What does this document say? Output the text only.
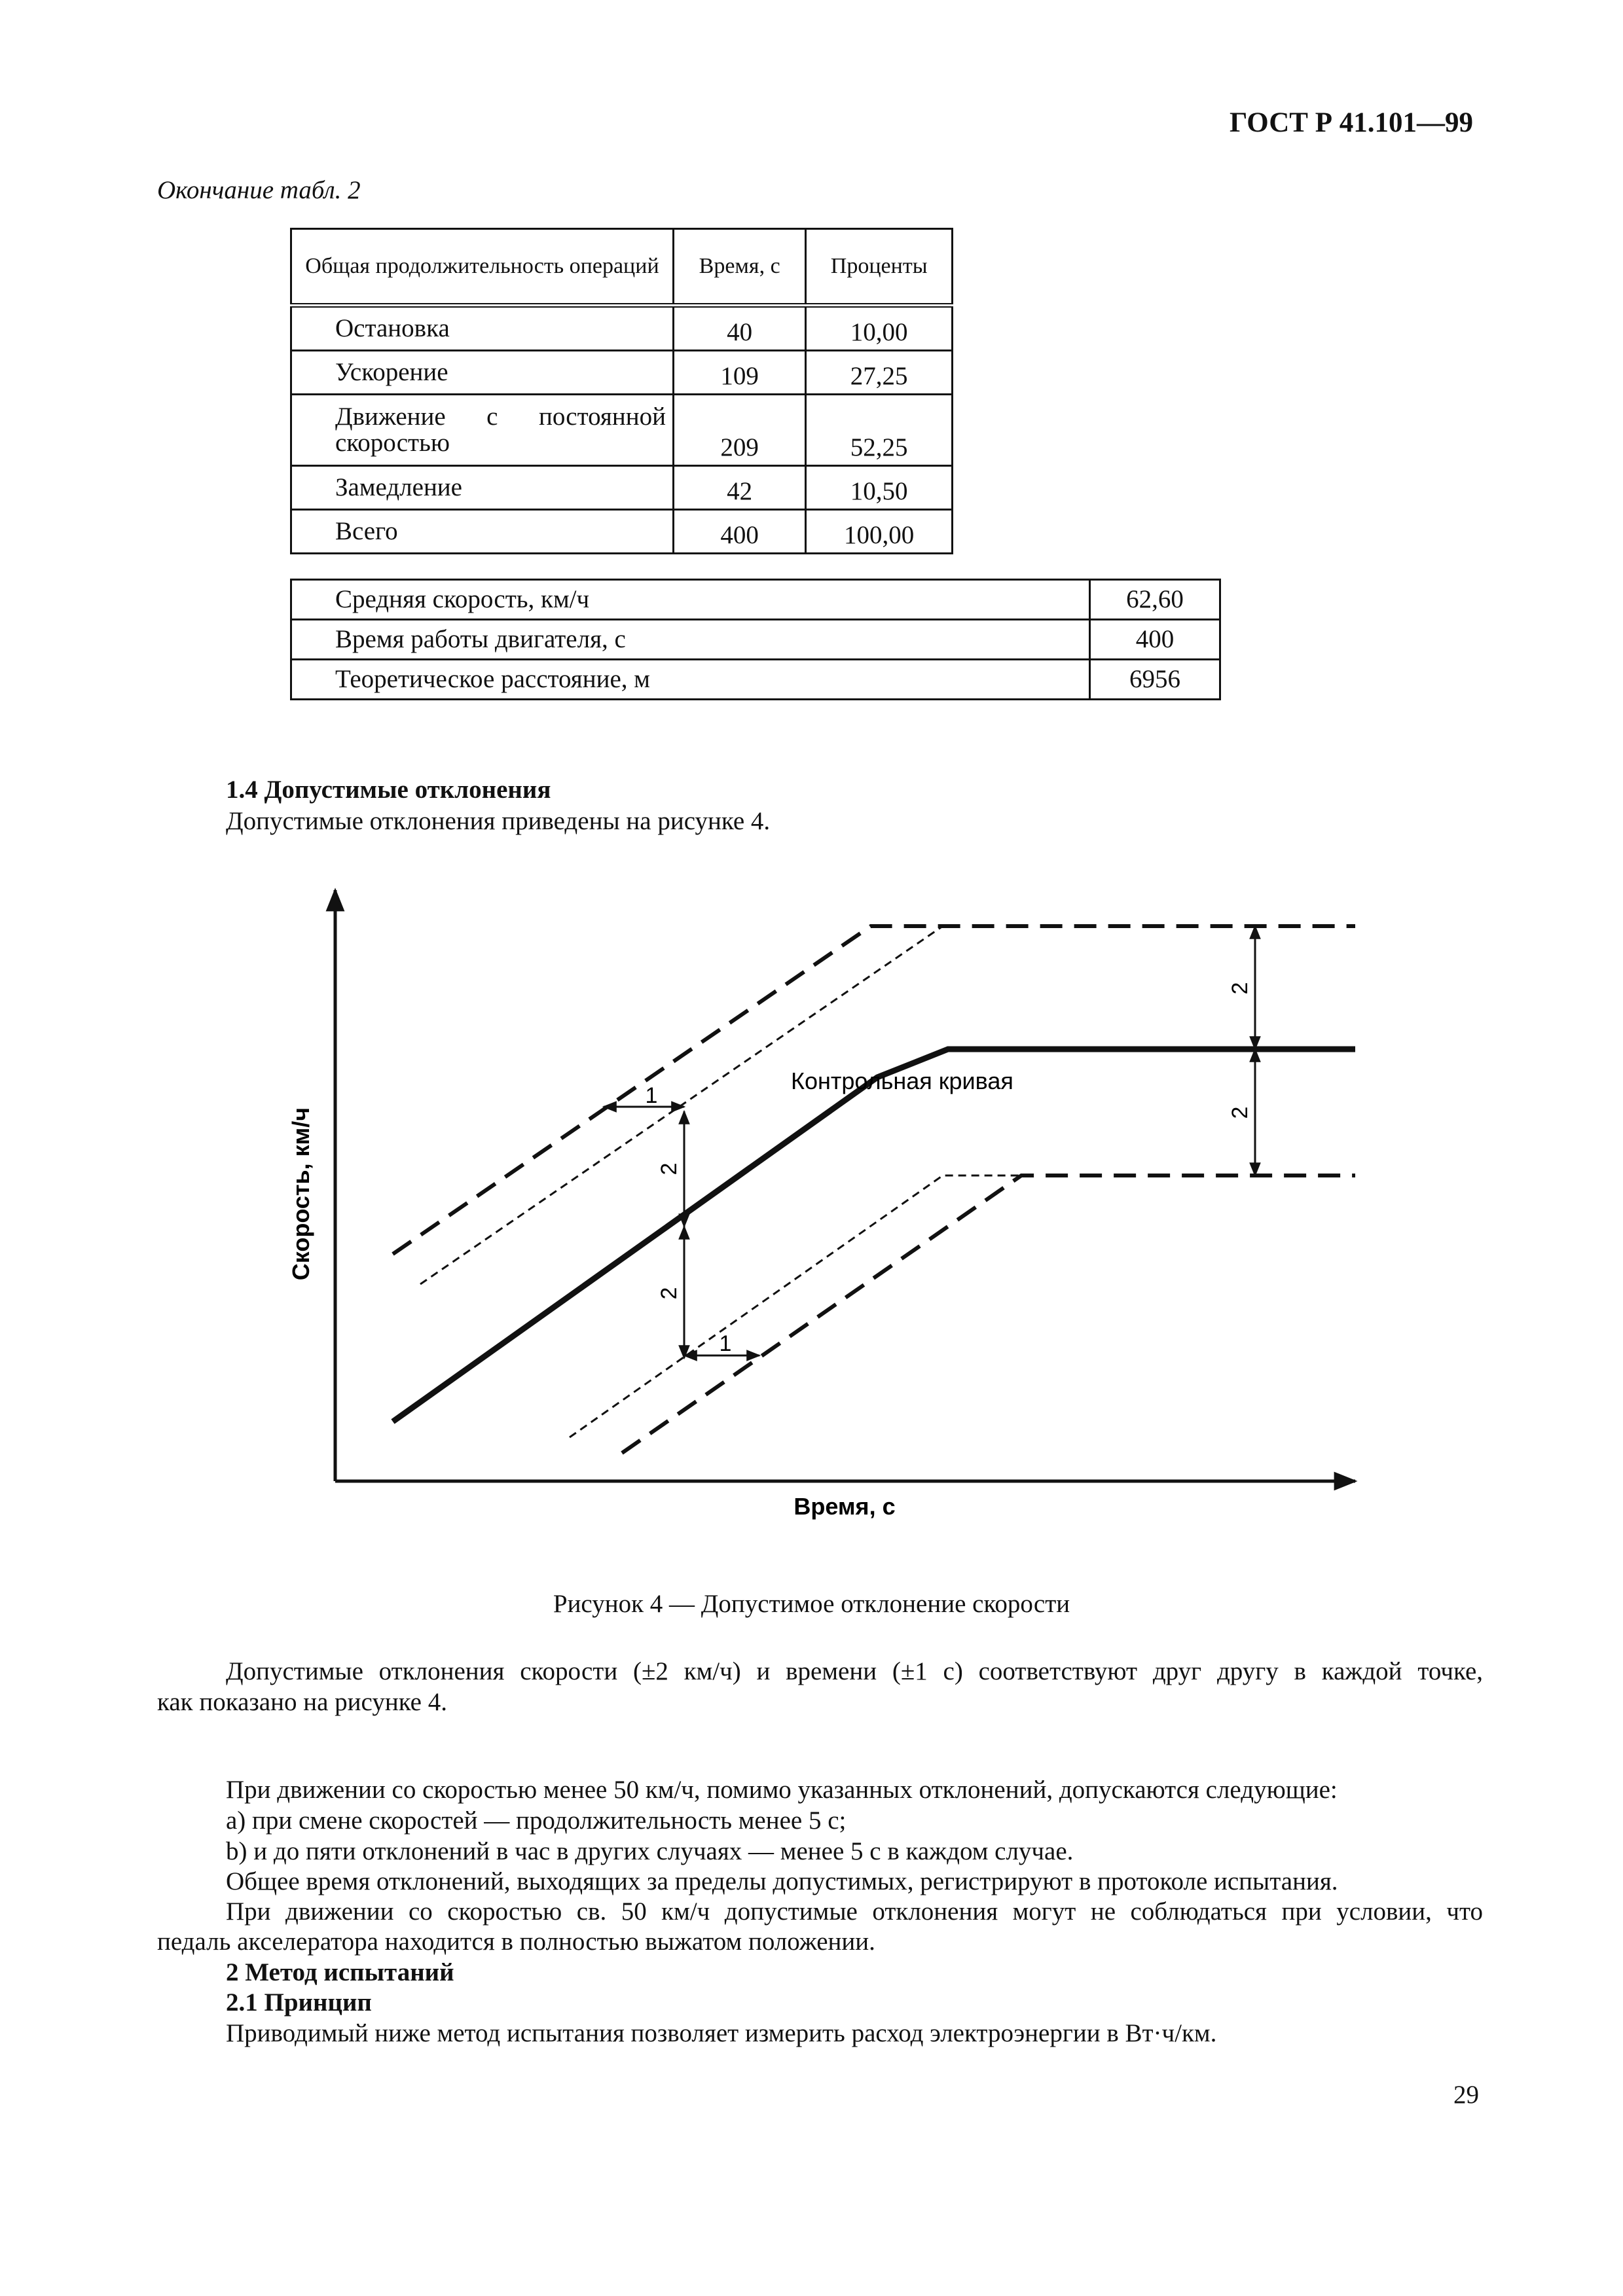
ГОСТ Р 41.101—99
Окончание табл. 2
Общая продолжительность операций	Время, с	Проценты
Остановка	40	10,00
Ускорение	109	27,25
Движение с постоянной скоростью	209	52,25
Замедление	42	10,50
Всего	400	100,00
Средняя скорость, км/ч	62,60
Время работы двигателя, с	400
Теоретическое расстояние, м	6956
1.4 Допустимые отклонения
Допустимые отклонения приведены на рисунке 4.
1
1
2
2
2
2
Контрольная кривая
Скорость, км/ч
Время, с
Рисунок 4 — Допустимое отклонение скорости
Допустимые отклонения скорости (±2 км/ч) и времени (±1 с) соответствуют друг другу в каждой точке,
как показано на рисунке 4.
При движении со скоростью менее 50 км/ч, помимо указанных отклонений, допускаются следующие:
а) при смене скоростей — продолжительность менее 5 с;
b) и до пяти отклонений в час в других случаях — менее 5 с в каждом случае.
Общее время отклонений, выходящих за пределы допустимых, регистрируют в протоколе испытания.
При движении со скоростью св. 50 км/ч допустимые отклонения могут не соблюдаться при условии, что
педаль акселератора находится в полностью выжатом положении.
2 Метод испытаний
2.1 Принцип
Приводимый ниже метод испытания позволяет измерить расход электроэнергии в Вт·ч/км.
29
